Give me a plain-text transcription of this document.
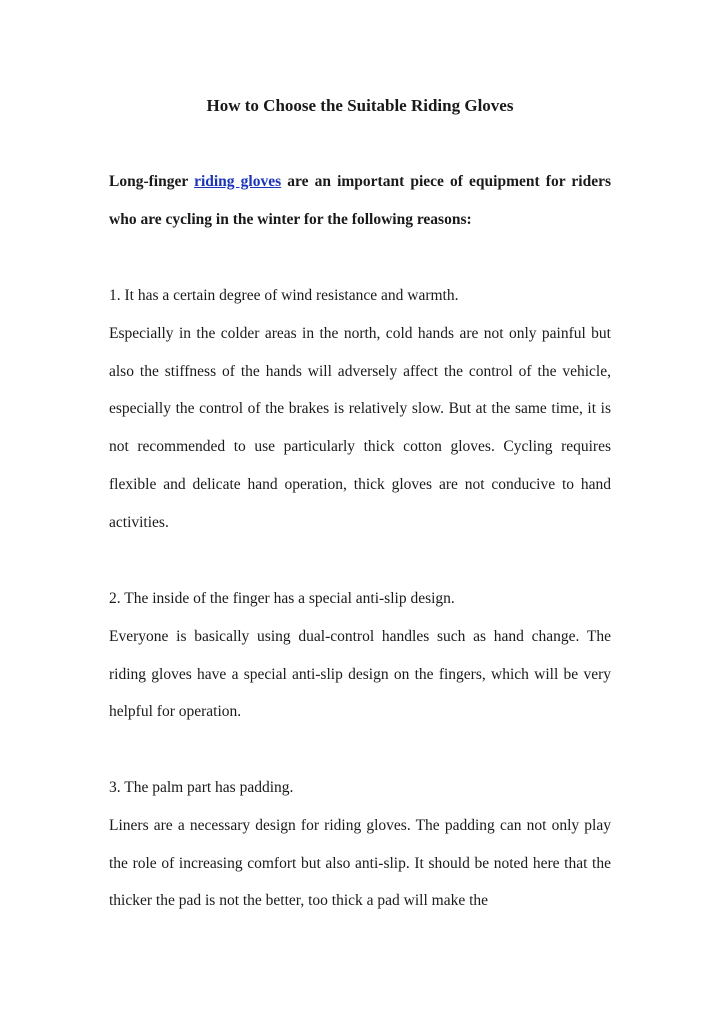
How to Choose the Suitable Riding Gloves

Long-finger riding gloves are an important piece of equipment for riders who are cycling in the winter for the following reasons:

1. It has a certain degree of wind resistance and warmth.

Especially in the colder areas in the north, cold hands are not only painful but also the stiffness of the hands will adversely affect the control of the vehicle, especially the control of the brakes is relatively slow. But at the same time, it is not recommended to use particularly thick cotton gloves. Cycling requires flexible and delicate hand operation, thick gloves are not conducive to hand activities.

2. The inside of the finger has a special anti-slip design.

Everyone is basically using dual-control handles such as hand change. The riding gloves have a special anti-slip design on the fingers, which will be very helpful for operation.

3. The palm part has padding.

Liners are a necessary design for riding gloves. The padding can not only play the role of increasing comfort but also anti-slip. It should be noted here that the thicker the pad is not the better, too thick a pad will make the
